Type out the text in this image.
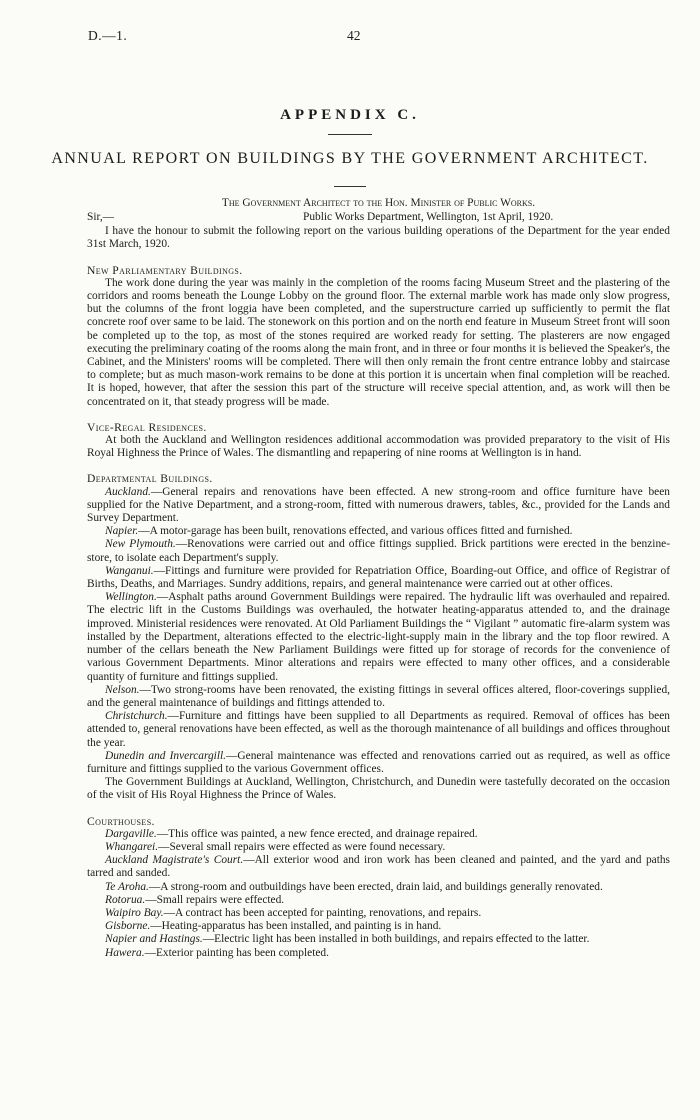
D.—1.	42
APPENDIX C.
ANNUAL REPORT ON BUILDINGS BY THE GOVERNMENT ARCHITECT.

The Government Architect to the Hon. Minister of Public Works.

Sir,—	Public Works Department, Wellington, 1st April, 1920.

I have the honour to submit the following report on the various building operations of the Department for the year ended 31st March, 1920.

New Parliamentary Buildings.

The work done during the year was mainly in the completion of the rooms facing Museum Street and the plastering of the corridors and rooms beneath the Lounge Lobby on the ground floor. The external marble work has made only slow progress, but the columns of the front loggia have been completed, and the superstructure carried up sufficiently to permit the flat concrete roof over same to be laid. The stonework on this portion and on the north end feature in Museum Street front will soon be completed up to the top, as most of the stones required are worked ready for setting. The plasterers are now engaged executing the preliminary coating of the rooms along the main front, and in three or four months it is believed the Speaker's, the Cabinet, and the Ministers' rooms will be completed. There will then only remain the front centre entrance lobby and staircase to complete; but as much mason-work remains to be done at this portion it is uncertain when final completion will be reached. It is hoped, however, that after the session this part of the structure will receive special attention, and, as work will then be concentrated on it, that steady progress will be made.

Vice-Regal Residences.

At both the Auckland and Wellington residences additional accommodation was provided preparatory to the visit of His Royal Highness the Prince of Wales. The dismantling and repapering of nine rooms at Wellington is in hand.

Departmental Buildings.

Auckland.—General repairs and renovations have been effected. A new strong-room and office furniture have been supplied for the Native Department, and a strong-room, fitted with numerous drawers, tables, &c., provided for the Lands and Survey Department.

Napier.—A motor-garage has been built, renovations effected, and various offices fitted and furnished.

New Plymouth.—Renovations were carried out and office fittings supplied. Brick partitions were erected in the benzine-store, to isolate each Department's supply.

Wanganui.—Fittings and furniture were provided for Repatriation Office, Boarding-out Office, and office of Registrar of Births, Deaths, and Marriages. Sundry additions, repairs, and general maintenance were carried out at other offices.

Wellington.—Asphalt paths around Government Buildings were repaired. The hydraulic lift was overhauled and repaired. The electric lift in the Customs Buildings was overhauled, the hotwater heating-apparatus attended to, and the drainage improved. Ministerial residences were renovated. At Old Parliament Buildings the “ Vigilant ” automatic fire-alarm system was installed by the Department, alterations effected to the electric-light-supply main in the library and the top floor rewired. A number of the cellars beneath the New Parliament Buildings were fitted up for storage of records for the convenience of various Government Departments. Minor alterations and repairs were effected to many other offices, and a considerable quantity of furniture and fittings supplied.

Nelson.—Two strong-rooms have been renovated, the existing fittings in several offices altered, floor-coverings supplied, and the general maintenance of buildings and fittings attended to.

Christchurch.—Furniture and fittings have been supplied to all Departments as required. Removal of offices has been attended to, general renovations have been effected, as well as the thorough maintenance of all buildings and offices throughout the year.

Dunedin and Invercargill.—General maintenance was effected and renovations carried out as required, as well as office furniture and fittings supplied to the various Government offices.

The Government Buildings at Auckland, Wellington, Christchurch, and Dunedin were tastefully decorated on the occasion of the visit of His Royal Highness the Prince of Wales.

Courthouses.

Dargaville.—This office was painted, a new fence erected, and drainage repaired.

Whangarei.—Several small repairs were effected as were found necessary.

Auckland Magistrate's Court.—All exterior wood and iron work has been cleaned and painted, and the yard and paths tarred and sanded.

Te Aroha.—A strong-room and outbuildings have been erected, drain laid, and buildings generally renovated.

Rotorua.—Small repairs were effected.

Waipiro Bay.—A contract has been accepted for painting, renovations, and repairs.

Gisborne.—Heating-apparatus has been installed, and painting is in hand.

Napier and Hastings.—Electric light has been installed in both buildings, and repairs effected to the latter.

Hawera.—Exterior painting has been completed.
